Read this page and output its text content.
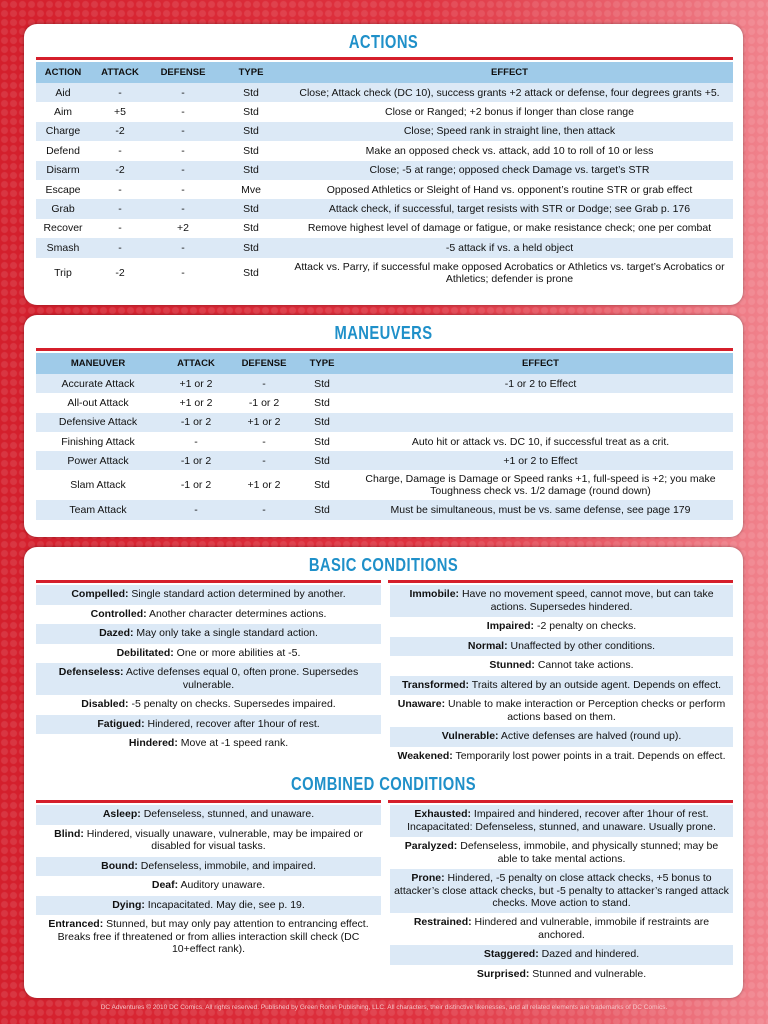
ACTIONS
ACTION	ATTACK	DEFENSE	TYPE	EFFECT
Aid	-	-	Std	Close; Attack check (DC 10), success grants +2 attack or defense, four degrees grants +5.
Aim	+5	-	Std	Close or Ranged; +2 bonus if longer than close range
Charge	-2	-	Std	Close; Speed rank in straight line, then attack
Defend	-	-	Std	Make an opposed check vs. attack, add 10 to roll of 10 or less
Disarm	-2	-	Std	Close; -5 at range; opposed check Damage vs. target’s STR
Escape	-	-	Mve	Opposed Athletics or Sleight of Hand vs. opponent’s routine STR or grab effect
Grab	-	-	Std	Attack check, if successful, target resists with STR or Dodge; see Grab p. 176
Recover	-	+2	Std	Remove highest level of damage or fatigue, or make resistance check; one per combat
Smash	-	-	Std	-5 attack if vs. a held object
Trip	-2	-	Std	Attack vs. Parry, if successful make opposed Acrobatics or Athletics vs. target’s Acrobatics or Athletics; defender is prone
MANEUVERS
MANEUVER	ATTACK	DEFENSE	TYPE	EFFECT
Accurate Attack	+1 or 2	-	Std	-1 or 2 to Effect
All-out Attack	+1 or 2	-1 or 2	Std	
Defensive Attack	-1 or 2	+1 or 2	Std	
Finishing Attack	-	-	Std	Auto hit or attack vs. DC 10, if successful treat as a crit.
Power Attack	-1 or 2	-	Std	+1 or 2 to Effect
Slam Attack	-1 or 2	+1 or 2	Std	Charge, Damage is Damage or Speed ranks +1, full-speed is +2; you make Toughness check vs. 1/2 damage (round down)
Team Attack	-	-	Std	Must be simultaneous, must be vs. same defense, see page 179
BASIC CONDITIONS
Compelled: Single standard action determined by another.
Controlled: Another character determines actions.
Dazed: May only take a single standard action.
Debilitated: One or more abilities at -5.
Defenseless: Active defenses equal 0, often prone. Supersedes vulnerable.
Disabled: -5 penalty on checks. Supersedes impaired.
Fatigued: Hindered, recover after 1hour of rest.
Hindered: Move at -1 speed rank.
Immobile: Have no movement speed, cannot move, but can take actions. Supersedes hindered.
Impaired: -2 penalty on checks.
Normal: Unaffected by other conditions.
Stunned: Cannot take actions.
Transformed: Traits altered by an outside agent. Depends on effect.
Unaware: Unable to make interaction or Perception checks or perform actions based on them.
Vulnerable: Active defenses are halved (round up).
Weakened: Temporarily lost power points in a trait. Depends on effect.
COMBINED CONDITIONS
Asleep: Defenseless, stunned, and unaware.
Blind: Hindered, visually unaware, vulnerable, may be impaired or disabled for visual tasks.
Bound: Defenseless, immobile, and impaired.
Deaf: Auditory unaware.
Dying: Incapacitated. May die, see p. 19.
Entranced: Stunned, but may only pay attention to entrancing effect. Breaks free if threatened or from allies interaction skill check (DC 10+effect rank).
Exhausted: Impaired and hindered, recover after 1hour of rest. Incapacitated: Defenseless, stunned, and unaware. Usually prone.
Paralyzed: Defenseless, immobile, and physically stunned; may be able to take mental actions.
Prone: Hindered, -5 penalty on close attack checks, +5 bonus to attacker’s close attack checks, but -5 penalty to attacker’s ranged attack checks. Move action to stand.
Restrained: Hindered and vulnerable, immobile if restraints are anchored.
Staggered: Dazed and hindered.
Surprised: Stunned and vulnerable.
DC Adventures © 2010 DC Comics. All rights reserved. Published by Green Ronin Publishing, LLC. All characters, their distinctive likenesses, and all related elements are trademarks of DC Comics.
